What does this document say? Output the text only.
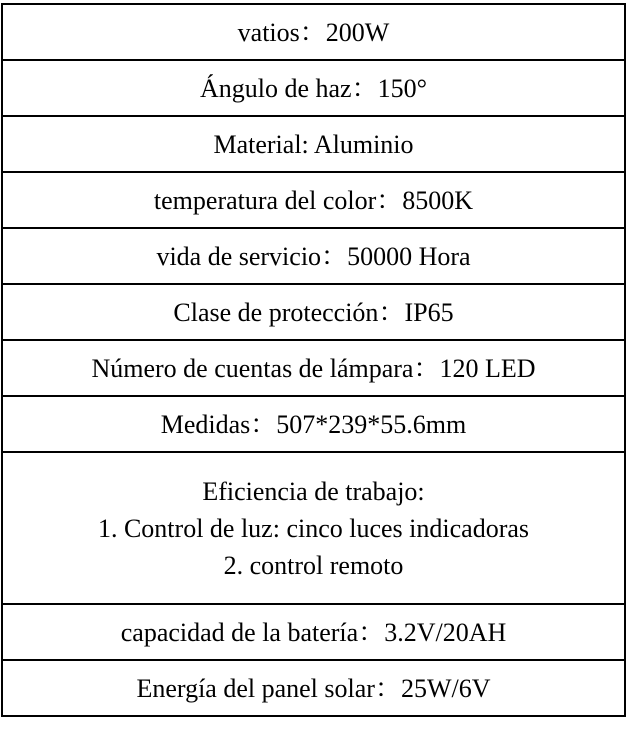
vatios：200W
Ángulo de haz：150°
Material: Aluminio
temperatura del color：8500K
vida de servicio：50000 Hora
Clase de protección：IP65
Número de cuentas de lámpara：120 LED
Medidas：507*239*55.6mm

Eficiencia de trabajo:
1. Control de luz: cinco luces indicadoras
2. control remoto

capacidad de la batería：3.2V/20AH
Energía del panel solar：25W/6V
